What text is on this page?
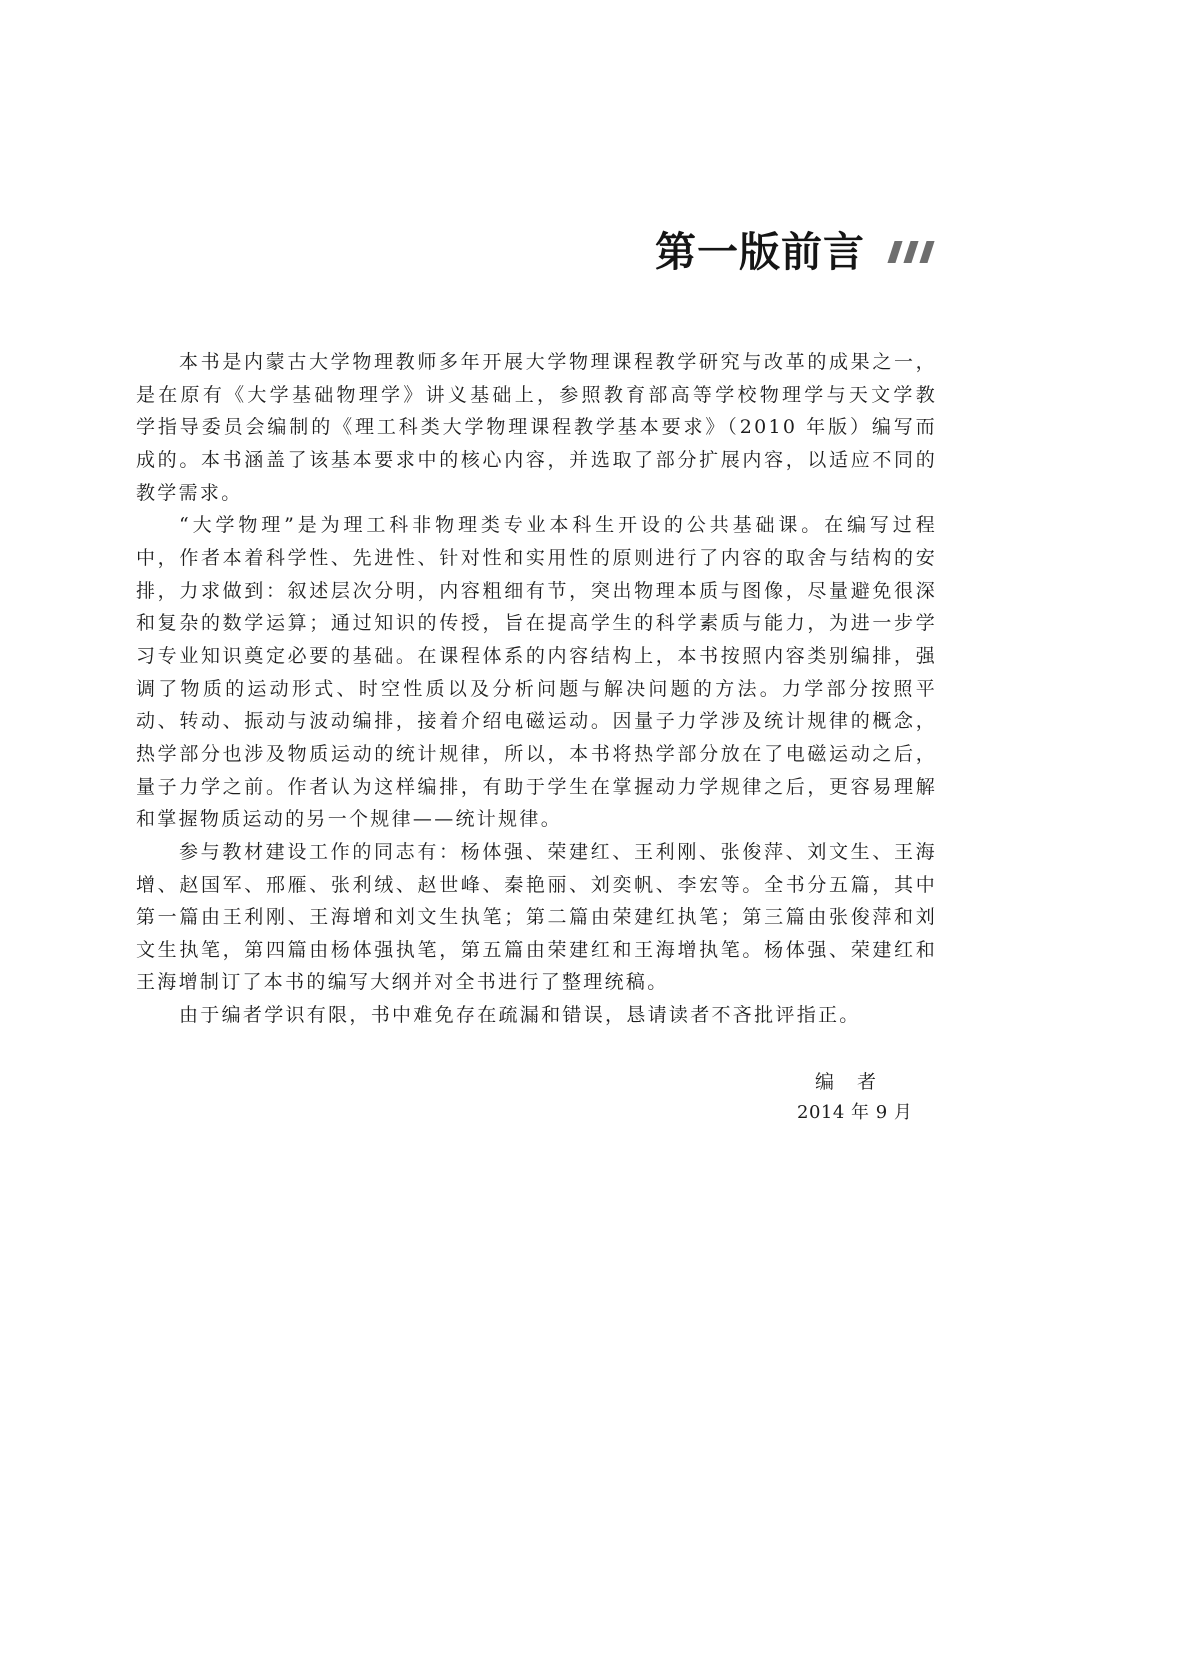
第一版前言
本书是内蒙古大学物理教师多年开展大学物理课程教学研究与改革的成果之一，
是在原有《大学基础物理学》讲义基础上，参照教育部高等学校物理学与天文学教
学指导委员会编制的《理工科类大学物理课程教学基本要求》（2010 年版）编写而
成的。本书涵盖了该基本要求中的核心内容，并选取了部分扩展内容，以适应不同的
教学需求。
“大学物理”是为理工科非物理类专业本科生开设的公共基础课。在编写过程
中，作者本着科学性、先进性、针对性和实用性的原则进行了内容的取舍与结构的安
排，力求做到：叙述层次分明，内容粗细有节，突出物理本质与图像，尽量避免很深
和复杂的数学运算；通过知识的传授，旨在提高学生的科学素质与能力，为进一步学
习专业知识奠定必要的基础。在课程体系的内容结构上，本书按照内容类别编排，强
调了物质的运动形式、时空性质以及分析问题与解决问题的方法。力学部分按照平
动、转动、振动与波动编排，接着介绍电磁运动。因量子力学涉及统计规律的概念，
热学部分也涉及物质运动的统计规律，所以，本书将热学部分放在了电磁运动之后，
量子力学之前。作者认为这样编排，有助于学生在掌握动力学规律之后，更容易理解
和掌握物质运动的另一个规律——统计规律。
参与教材建设工作的同志有：杨体强、荣建红、王利刚、张俊萍、刘文生、王海
增、赵国军、邢雁、张利绒、赵世峰、秦艳丽、刘奕帆、李宏等。全书分五篇，其中
第一篇由王利刚、王海增和刘文生执笔；第二篇由荣建红执笔；第三篇由张俊萍和刘
文生执笔，第四篇由杨体强执笔，第五篇由荣建红和王海增执笔。杨体强、荣建红和
王海增制订了本书的编写大纲并对全书进行了整理统稿。
由于编者学识有限，书中难免存在疏漏和错误，恳请读者不吝批评指正。
编　者
2014 年 9 月
